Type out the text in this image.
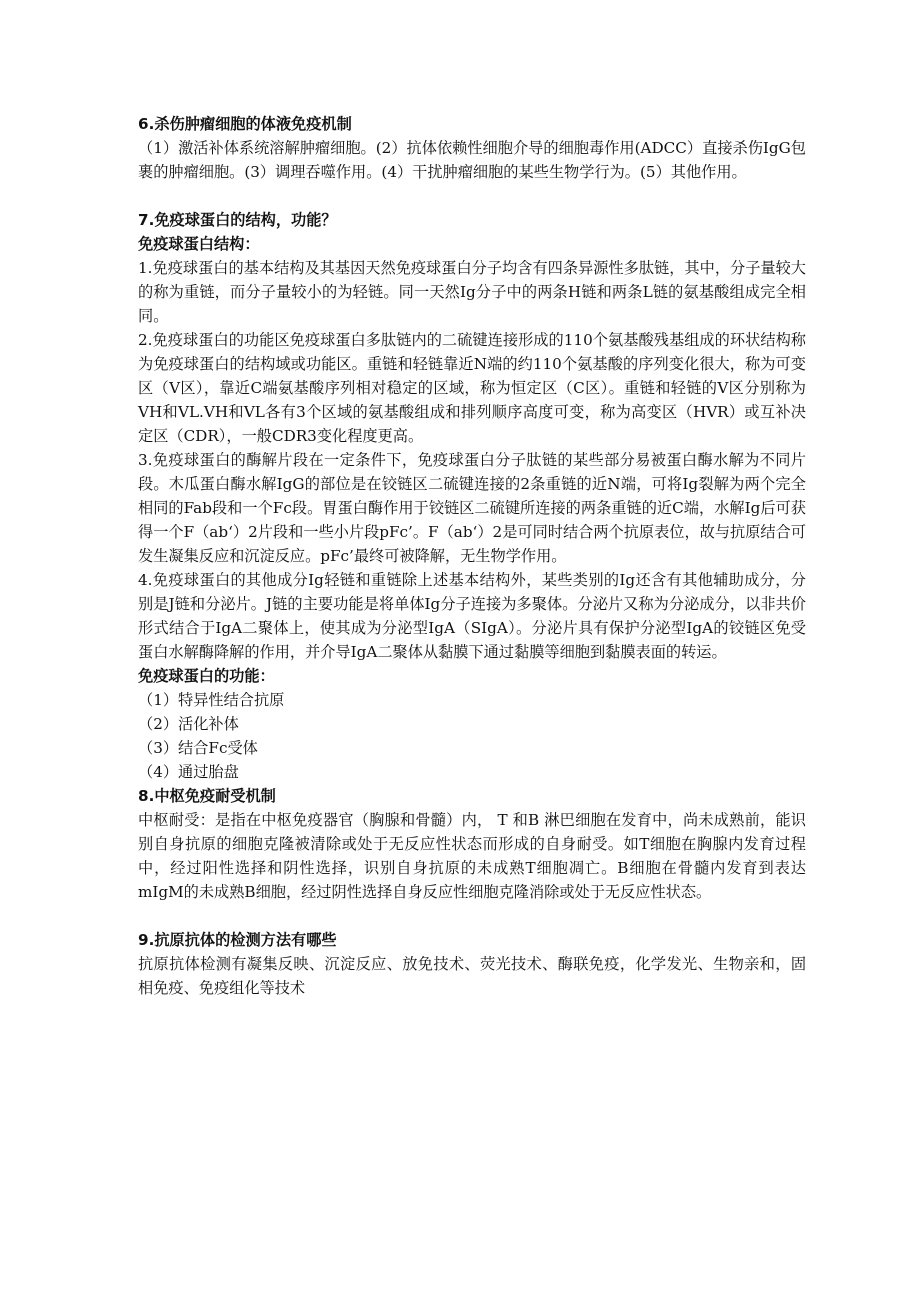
6.杀伤肿瘤细胞的体液免疫机制

（1）激活补体系统溶解肿瘤细胞。(2）抗体依赖性细胞介导的细胞毒作用(ADCC）直接杀伤IgG包裹的肿瘤细胞。(3）调理吞噬作用。(4）干扰肿瘤细胞的某些生物学行为。(5）其他作用。

7.免疫球蛋白的结构，功能？

免疫球蛋白结构：

1.免疫球蛋白的基本结构及其基因天然免疫球蛋白分子均含有四条异源性多肽链，其中，分子量较大的称为重链，而分子量较小的为轻链。同一天然Ig分子中的两条H链和两条L链的氨基酸组成完全相同。

2.免疫球蛋白的功能区免疫球蛋白多肽链内的二硫键连接形成的110个氨基酸残基组成的环状结构称为免疫球蛋白的结构域或功能区。重链和轻链靠近N端的约110个氨基酸的序列变化很大，称为可变区（V区），靠近C端氨基酸序列相对稳定的区域，称为恒定区（C区）。重链和轻链的V区分别称为VH和VL.VH和VL各有3个区域的氨基酸组成和排列顺序高度可变，称为高变区（HVR）或互补决定区（CDR），一般CDR3变化程度更高。

3.免疫球蛋白的酶解片段在一定条件下，免疫球蛋白分子肽链的某些部分易被蛋白酶水解为不同片段。木瓜蛋白酶水解IgG的部位是在铰链区二硫键连接的2条重链的近N端，可将Ig裂解为两个完全相同的Fab段和一个Fc段。胃蛋白酶作用于铰链区二硫键所连接的两条重链的近C端，水解Ig后可获得一个F（ab‘）2片段和一些小片段pFc’。F（ab‘）2是可同时结合两个抗原表位，故与抗原结合可发生凝集反应和沉淀反应。pFc’最终可被降解，无生物学作用。

4.免疫球蛋白的其他成分Ig轻链和重链除上述基本结构外，某些类别的Ig还含有其他辅助成分，分别是J链和分泌片。J链的主要功能是将单体Ig分子连接为多聚体。分泌片又称为分泌成分，以非共价形式结合于IgA二聚体上，使其成为分泌型IgA（SIgA）。分泌片具有保护分泌型IgA的铰链区免受蛋白水解酶降解的作用，并介导IgA二聚体从黏膜下通过黏膜等细胞到黏膜表面的转运。

免疫球蛋白的功能：

（1）特异性结合抗原

（2）活化补体

（3）结合Fc受体

（4）通过胎盘

8.中枢免疫耐受机制

中枢耐受：是指在中枢免疫器官（胸腺和骨髓）内， T 和B 淋巴细胞在发育中，尚未成熟前，能识别自身抗原的细胞克隆被清除或处于无反应性状态而形成的自身耐受。如T细胞在胸腺内发育过程中，经过阳性选择和阴性选择，识别自身抗原的未成熟T细胞凋亡。B细胞在骨髓内发育到表达mIgM的未成熟B细胞，经过阴性选择自身反应性细胞克隆消除或处于无反应性状态。

9.抗原抗体的检测方法有哪些

抗原抗体检测有凝集反映、沉淀反应、放免技术、荧光技术、酶联免疫，化学发光、生物亲和，固相免疫、免疫组化等技术
